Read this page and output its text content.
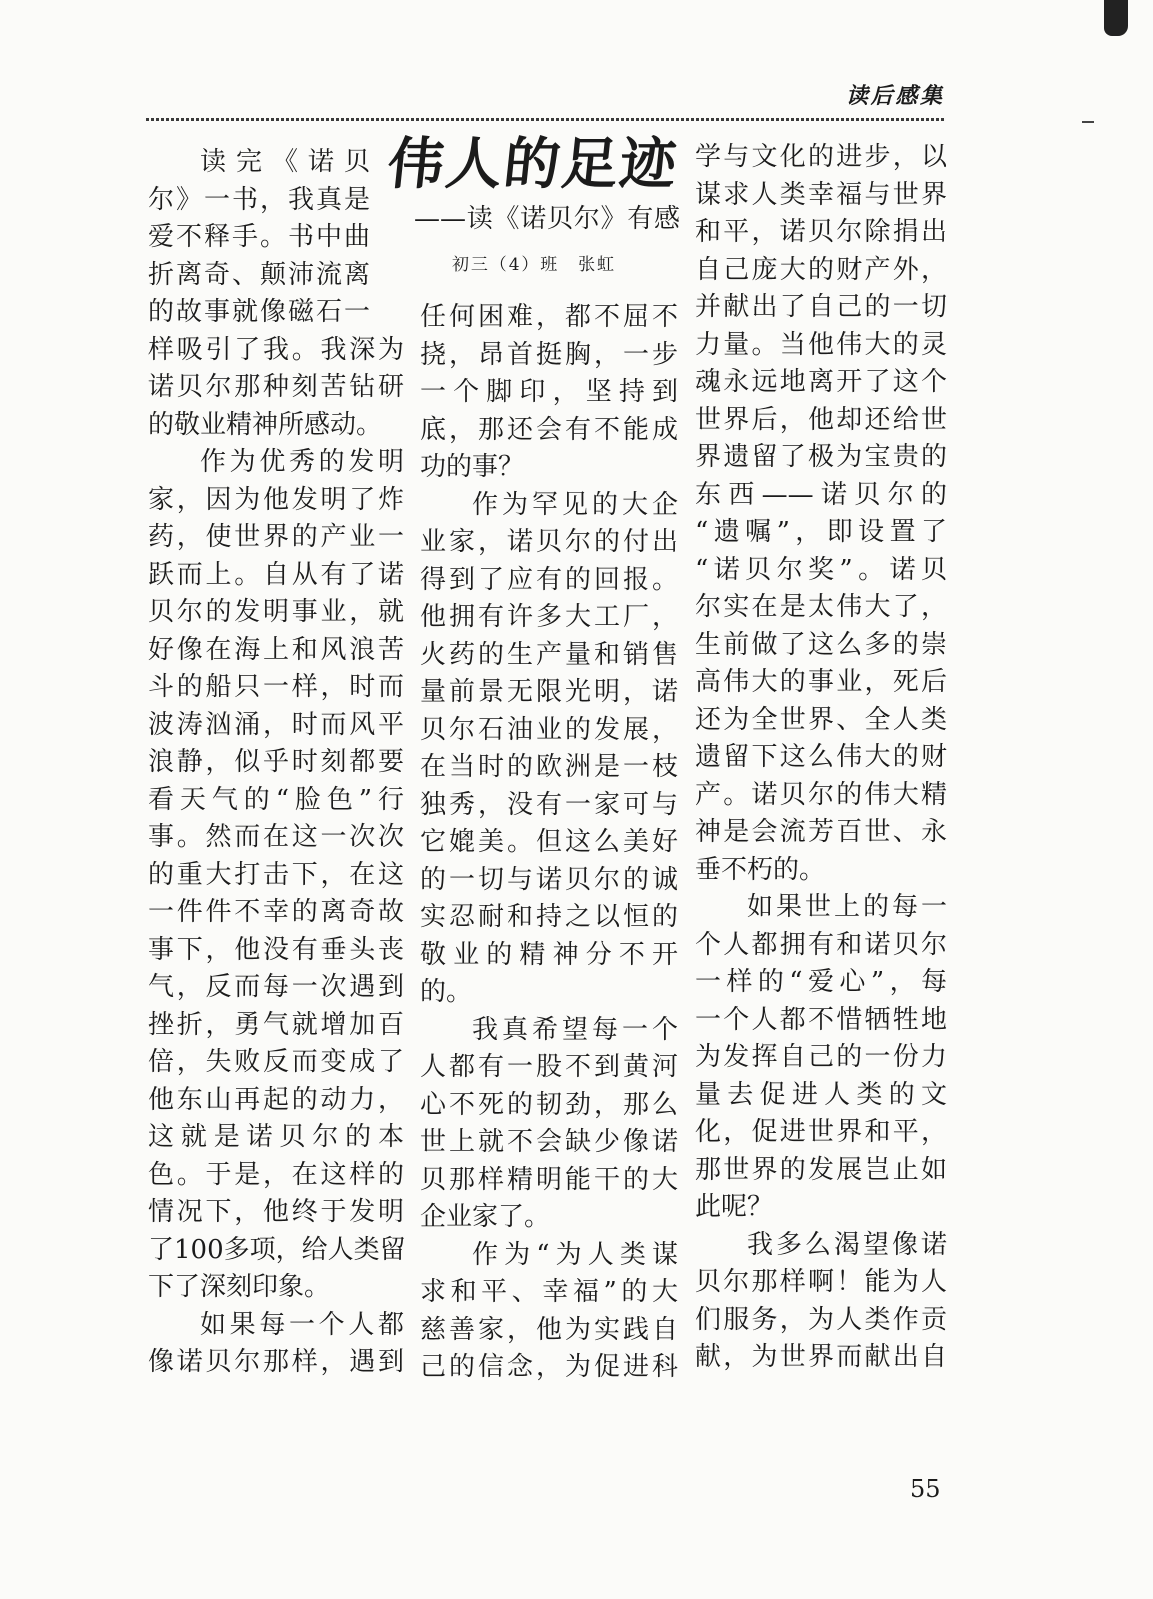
读后感集
伟人的足迹
——读《诺贝尔》有感
初三（4）班　张虹
读完《诺贝
尔》一书，我真是
爱不释手。书中曲
折离奇、颠沛流离
的故事就像磁石一
样吸引了我。我深为
诺贝尔那种刻苦钻研
的敬业精神所感动。
作为优秀的发明
家，因为他发明了炸
药，使世界的产业一
跃而上。自从有了诺
贝尔的发明事业，就
好像在海上和风浪苦
斗的船只一样，时而
波涛汹涌，时而风平
浪静，似乎时刻都要
看天气的“脸色”行
事。然而在这一次次
的重大打击下，在这
一件件不幸的离奇故
事下，他没有垂头丧
气，反而每一次遇到
挫折，勇气就增加百
倍，失败反而变成了
他东山再起的动力，
这就是诺贝尔的本
色。于是，在这样的
情况下，他终于发明
了100多项，给人类留
下了深刻印象。
如果每一个人都
像诺贝尔那样，遇到
任何困难，都不屈不
挠，昂首挺胸，一步
一个脚印，坚持到
底，那还会有不能成
功的事？
作为罕见的大企
业家，诺贝尔的付出
得到了应有的回报。
他拥有许多大工厂，
火药的生产量和销售
量前景无限光明，诺
贝尔石油业的发展，
在当时的欧洲是一枝
独秀，没有一家可与
它媲美。但这么美好
的一切与诺贝尔的诚
实忍耐和持之以恒的
敬业的精神分不开
的。
我真希望每一个
人都有一股不到黄河
心不死的韧劲，那么
世上就不会缺少像诺
贝那样精明能干的大
企业家了。
作为“为人类谋
求和平、幸福”的大
慈善家，他为实践自
己的信念，为促进科
学与文化的进步，以
谋求人类幸福与世界
和平，诺贝尔除捐出
自己庞大的财产外，
并献出了自己的一切
力量。当他伟大的灵
魂永远地离开了这个
世界后，他却还给世
界遗留了极为宝贵的
东西——诺贝尔的
“遗嘱”，即设置了
“诺贝尔奖”。诺贝
尔实在是太伟大了，
生前做了这么多的崇
高伟大的事业，死后
还为全世界、全人类
遗留下这么伟大的财
产。诺贝尔的伟大精
神是会流芳百世、永
垂不朽的。
如果世上的每一
个人都拥有和诺贝尔
一样的“爱心”，每
一个人都不惜牺牲地
为发挥自己的一份力
量去促进人类的文
化，促进世界和平，
那世界的发展岂止如
此呢？
我多么渴望像诺
贝尔那样啊！能为人
们服务，为人类作贡
献，为世界而献出自
55
